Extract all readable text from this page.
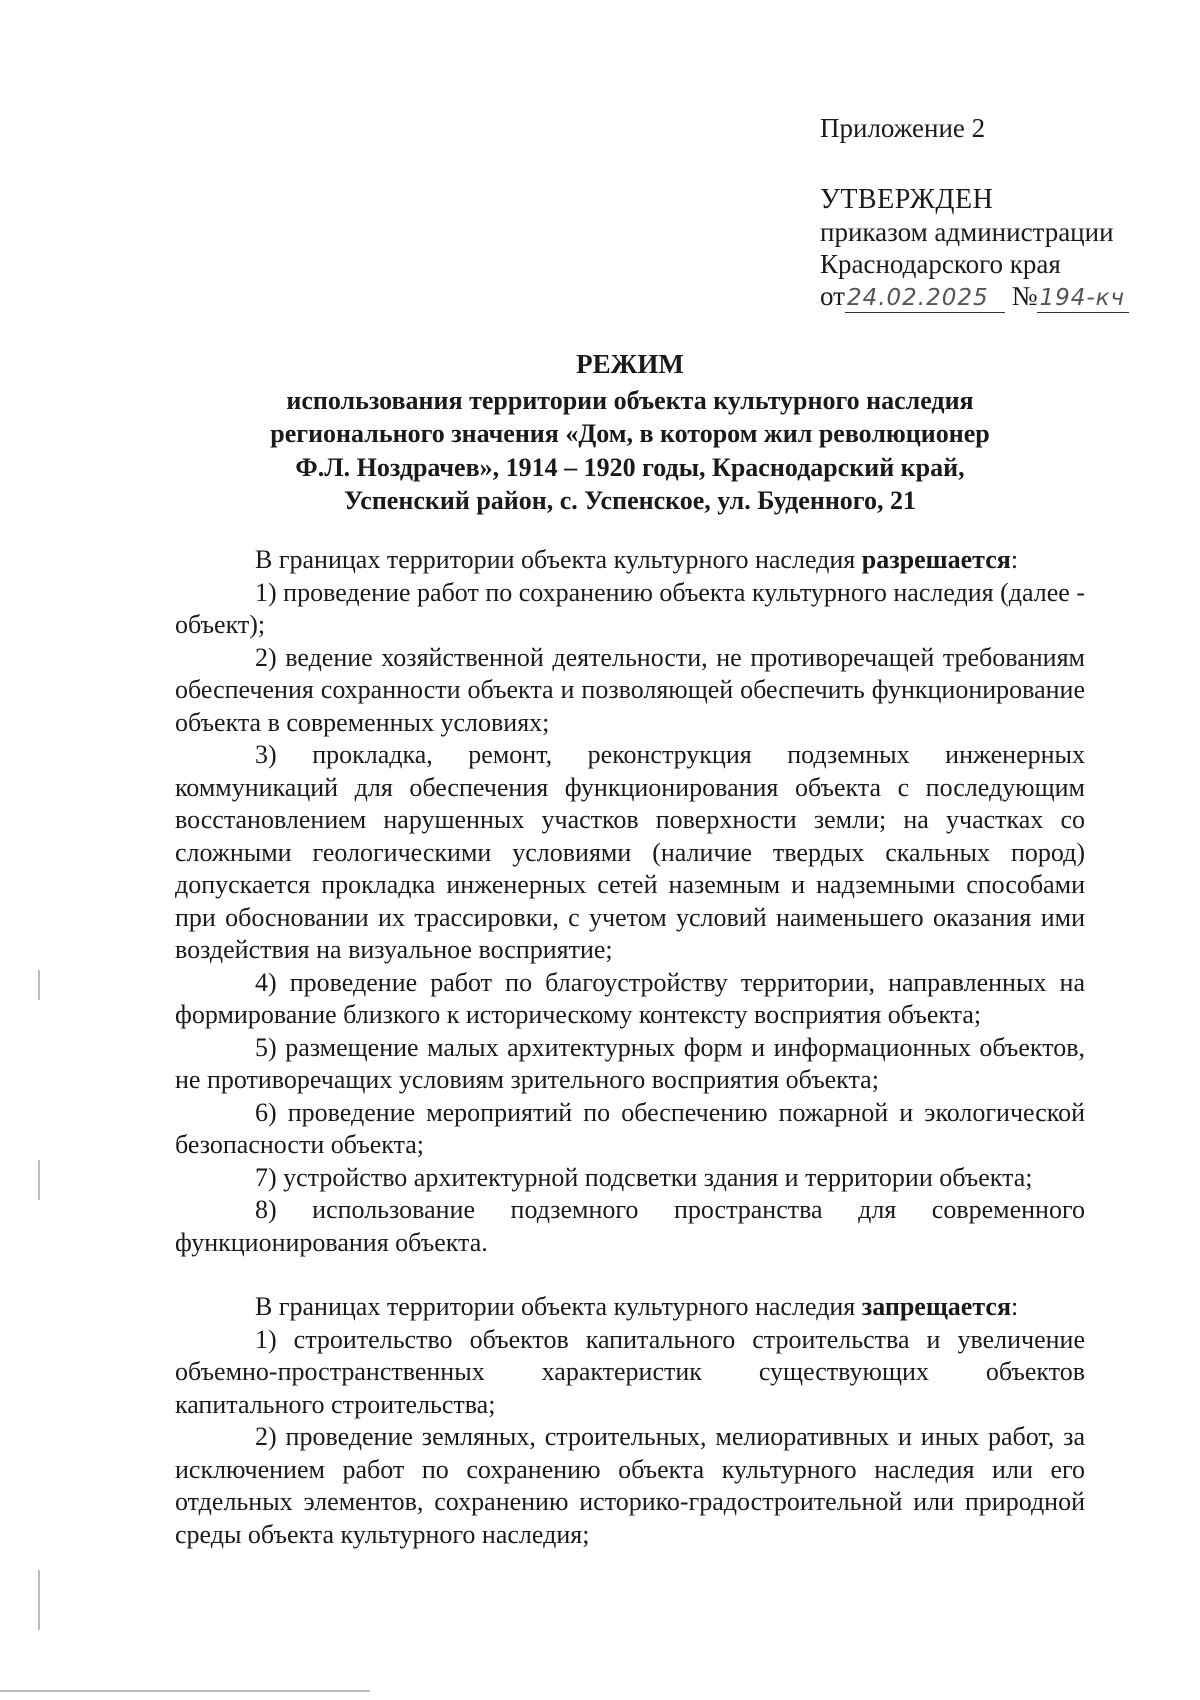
Приложение 2
УТВЕРЖДЕН
приказом администрации
Краснодарского края
от24.02.2025 №194-кч
РЕЖИМ
использования территории объекта культурного наследия
регионального значения «Дом, в котором жил революционер
Ф.Л. Ноздрачев», 1914 – 1920 годы, Краснодарский край,
Успенский район, с. Успенское, ул. Буденного, 21

В границах территории объекта культурного наследия разрешается:

1) проведение работ по сохранению объекта культурного наследия (далее - объект);

2) ведение хозяйственной деятельности, не противоречащей требованиям обеспечения сохранности объекта и позволяющей обеспечить функционирование объекта в современных условиях;

3) прокладка, ремонт, реконструкция подземных инженерных коммуникаций для обеспечения функционирования объекта с последующим восстановлением нарушенных участков поверхности земли; на участках со сложными геологическими условиями (наличие твердых скальных пород) допускается прокладка инженерных сетей наземным и надземными способами при обосновании их трассировки, с учетом условий наименьшего оказания ими воздействия на визуальное восприятие;

4) проведение работ по благоустройству территории, направленных на формирование близкого к историческому контексту восприятия объекта;

5) размещение малых архитектурных форм и информационных объектов, не противоречащих условиям зрительного восприятия объекта;

6) проведение мероприятий по обеспечению пожарной и экологической безопасности объекта;

7) устройство архитектурной подсветки здания и территории объекта;

8) использование подземного пространства для современного функционирования объекта.

В границах территории объекта культурного наследия запрещается:

1) строительство объектов капитального строительства и увеличение объемно-пространственных характеристик существующих объектов капитального строительства;

2) проведение земляных, строительных, мелиоративных и иных работ, за исключением работ по сохранению объекта культурного наследия или его отдельных элементов, сохранению историко-градостроительной или природной среды объекта культурного наследия;
